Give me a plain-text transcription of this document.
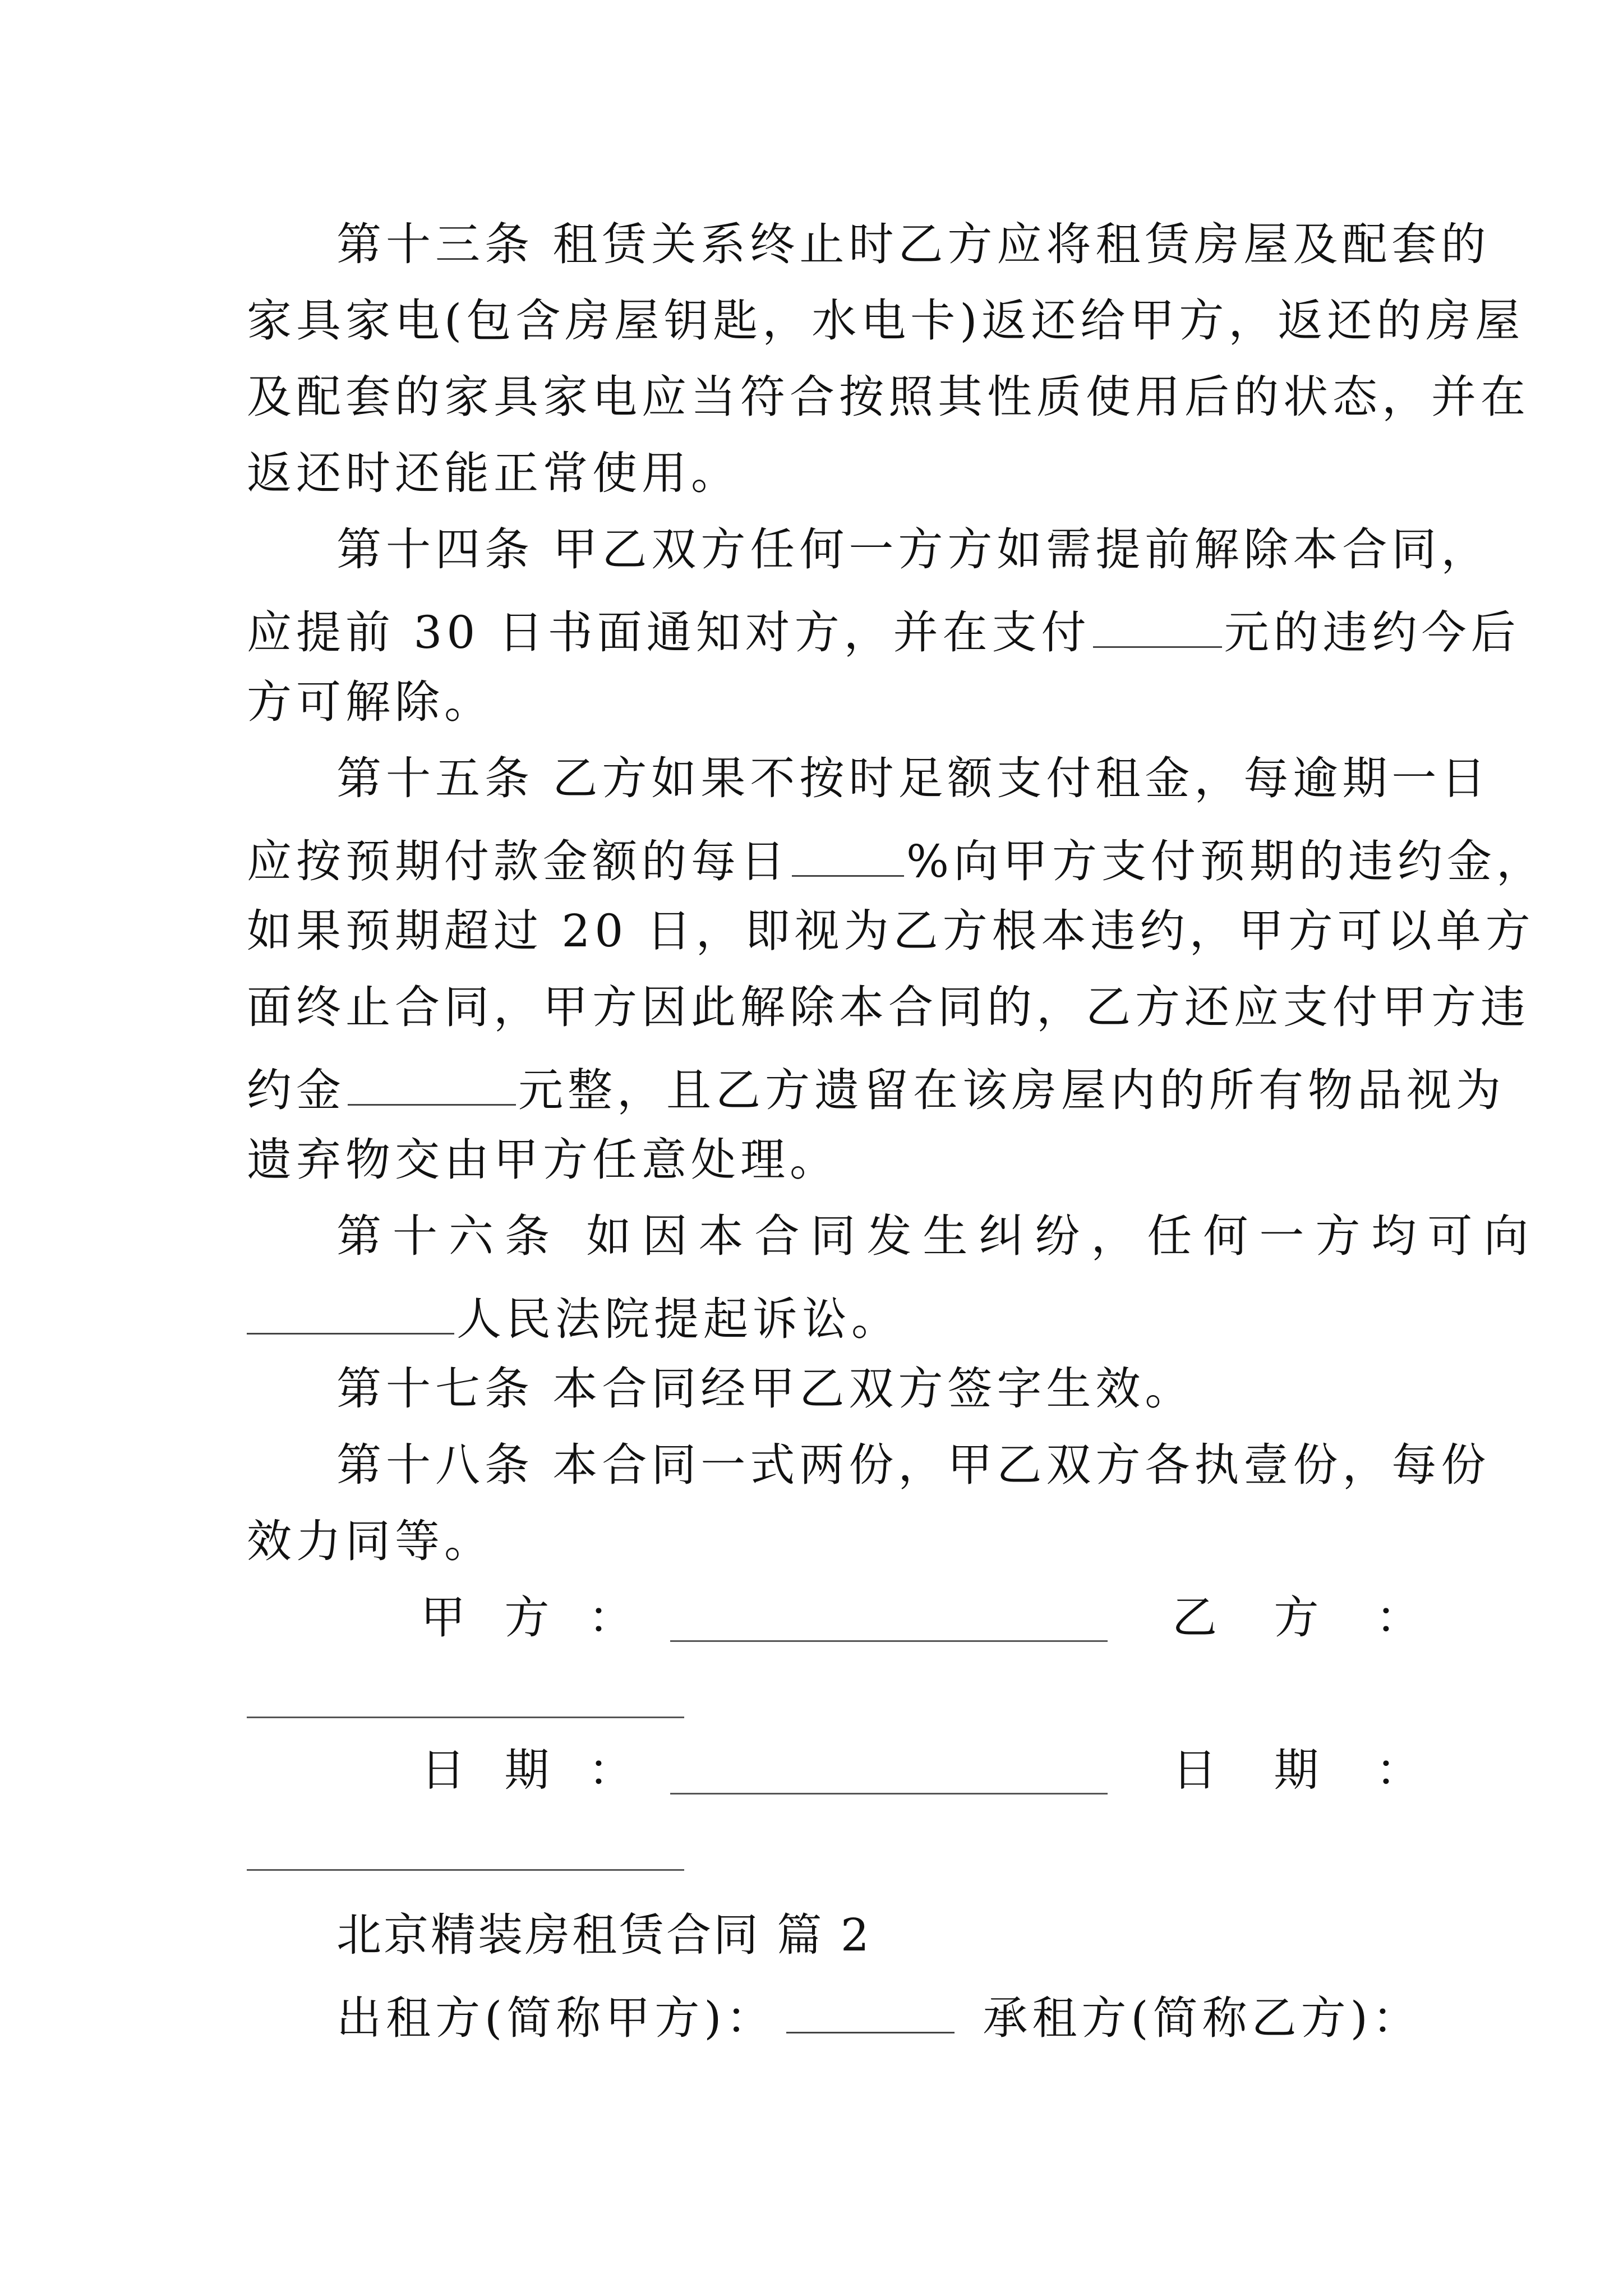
第十三条 租赁关系终止时乙方应将租赁房屋及配套的
家具家电(包含房屋钥匙，水电卡)返还给甲方，返还的房屋
及配套的家具家电应当符合按照其性质使用后的状态，并在
返还时还能正常使用。
第十四条 甲乙双方任何一方方如需提前解除本合同，
应提前 30 日书面通知对方，并在支付	元的违约今后
方可解除。
第十五条 乙方如果不按时足额支付租金，每逾期一日
应按预期付款金额的每日	%向甲方支付预期的违约金，
如果预期超过 20 日，即视为乙方根本违约，甲方可以单方
面终止合同，甲方因此解除本合同的，乙方还应支付甲方违
约金	元整，且乙方遗留在该房屋内的所有物品视为
遗弃物交由甲方任意处理。
第十六条 如因本合同发生纠纷，任何一方均可向
人民法院提起诉讼。
第十七条 本合同经甲乙双方签字生效。
第十八条 本合同一式两份，甲乙双方各执壹份，每份
效力同等。
甲 方 ：	乙 方 ：
日 期 ：	日 期 ：
北京精装房租赁合同 篇 2
出租方(简称甲方)：	承租方(简称乙方)：
